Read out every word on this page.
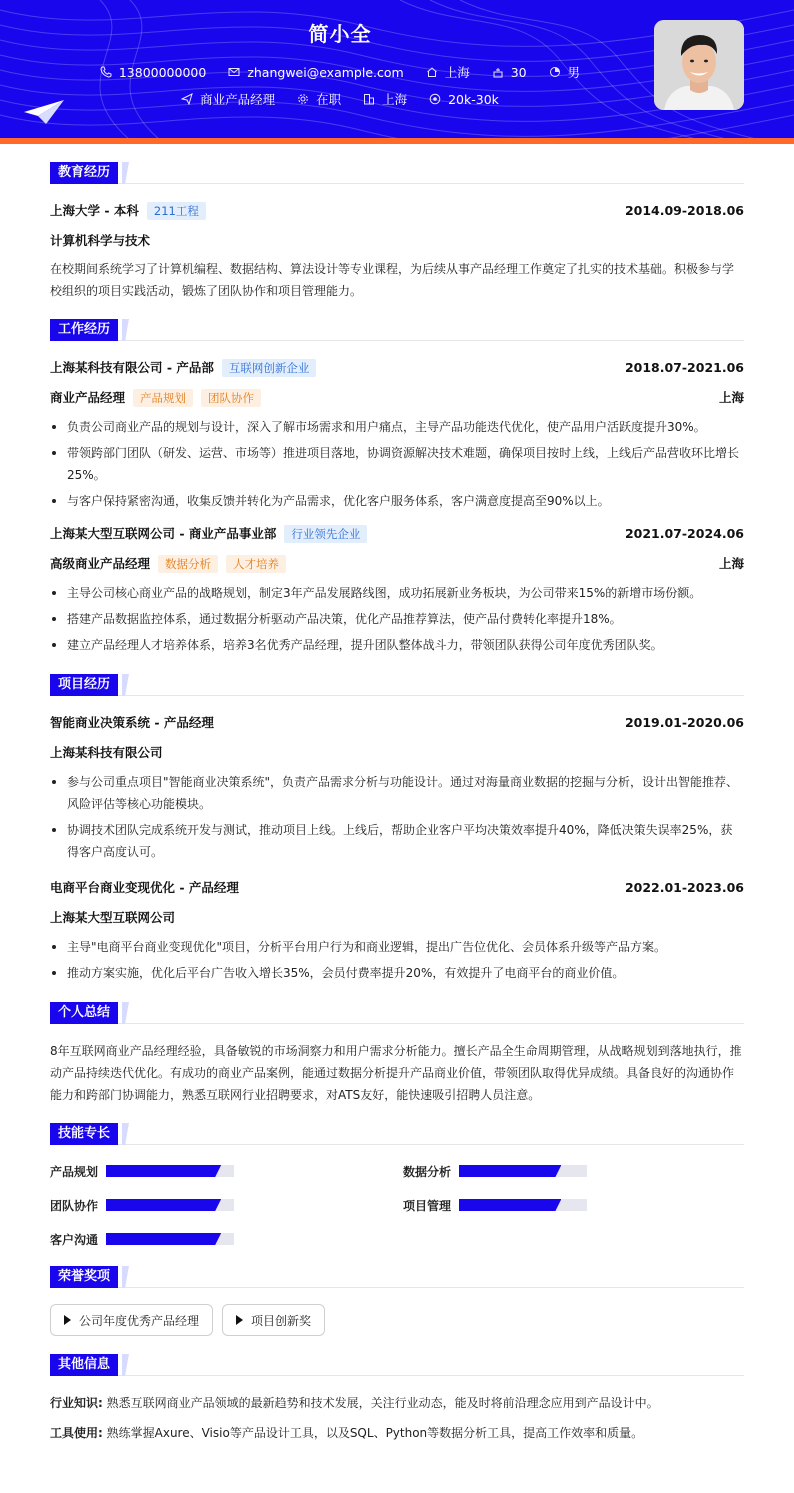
简小全
13800000000	zhangwei@example.com	上海	30	男
商业产品经理	在职	上海	20k-30k
教育经历
上海大学 - 本科 211工程	2014.09-2018.06
计算机科学与技术

在校期间系统学习了计算机编程、数据结构、算法设计等专业课程，为后续从事产品经理工作奠定了扎实的技术基础。积极参与学校组织的项目实践活动，锻炼了团队协作和项目管理能力。

工作经历
上海某科技有限公司 - 产品部 互联网创新企业	2018.07-2021.06
商业产品经理 产品规划 团队协作	上海
负责公司商业产品的规划与设计，深入了解市场需求和用户痛点，主导产品功能迭代优化，使产品用户活跃度提升30%。
带领跨部门团队（研发、运营、市场等）推进项目落地，协调资源解决技术难题，确保项目按时上线，上线后产品营收环比增长25%。
与客户保持紧密沟通，收集反馈并转化为产品需求，优化客户服务体系，客户满意度提高至90%以上。
上海某大型互联网公司 - 商业产品事业部 行业领先企业	2021.07-2024.06
高级商业产品经理 数据分析 人才培养	上海
主导公司核心商业产品的战略规划，制定3年产品发展路线图，成功拓展新业务板块，为公司带来15%的新增市场份额。
搭建产品数据监控体系，通过数据分析驱动产品决策，优化产品推荐算法，使产品付费转化率提升18%。
建立产品经理人才培养体系，培养3名优秀产品经理，提升团队整体战斗力，带领团队获得公司年度优秀团队奖。
项目经历
智能商业决策系统 - 产品经理	2019.01-2020.06
上海某科技有限公司
参与公司重点项目"智能商业决策系统"，负责产品需求分析与功能设计。通过对海量商业数据的挖掘与分析，设计出智能推荐、风险评估等核心功能模块。
协调技术团队完成系统开发与测试，推动项目上线。上线后，帮助企业客户平均决策效率提升40%，降低决策失误率25%，获得客户高度认可。
电商平台商业变现优化 - 产品经理	2022.01-2023.06
上海某大型互联网公司
主导"电商平台商业变现优化"项目，分析平台用户行为和商业逻辑，提出广告位优化、会员体系升级等产品方案。
推动方案实施，优化后平台广告收入增长35%，会员付费率提升20%，有效提升了电商平台的商业价值。
个人总结

8年互联网商业产品经理经验，具备敏锐的市场洞察力和用户需求分析能力。擅长产品全生命周期管理，从战略规划到落地执行，推动产品持续迭代优化。有成功的商业产品案例，能通过数据分析提升产品商业价值，带领团队取得优异成绩。具备良好的沟通协作能力和跨部门协调能力，熟悉互联网行业招聘要求，对ATS友好，能快速吸引招聘人员注意。

技能专长
产品规划	数据分析
团队协作	项目管理
客户沟通
荣誉奖项
公司年度优秀产品经理	项目创新奖
其他信息
行业知识: 熟悉互联网商业产品领域的最新趋势和技术发展，关注行业动态，能及时将前沿理念应用到产品设计中。
工具使用: 熟练掌握Axure、Visio等产品设计工具，以及SQL、Python等数据分析工具，提高工作效率和质量。
